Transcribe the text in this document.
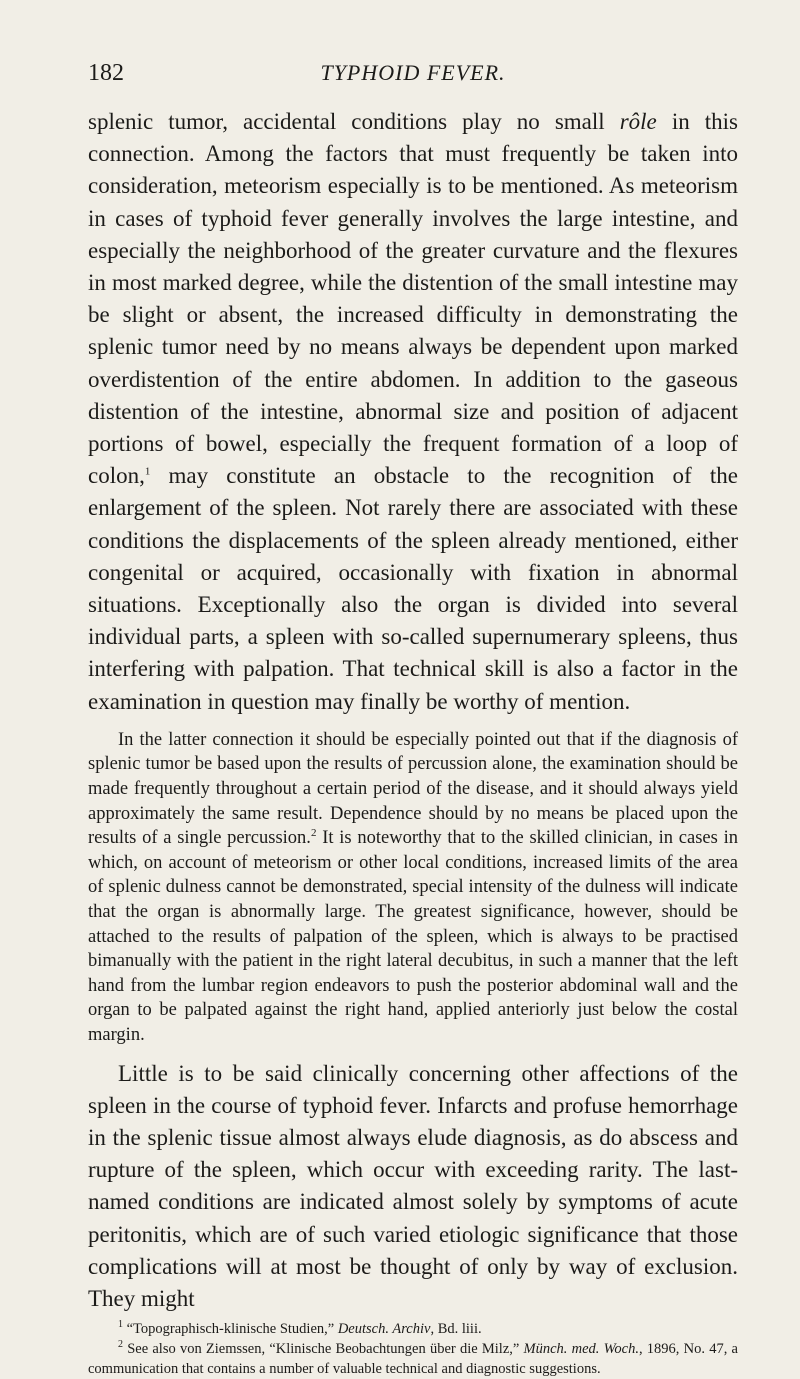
182	TYPHOID FEVER.

splenic tumor, accidental conditions play no small rôle in this connection. Among the factors that must frequently be taken into consideration, meteorism especially is to be mentioned. As meteorism in cases of typhoid fever generally involves the large intestine, and especially the neighborhood of the greater curvature and the flexures in most marked degree, while the distention of the small intestine may be slight or absent, the increased difficulty in demonstrating the splenic tumor need by no means always be dependent upon marked overdistention of the entire abdomen. In addition to the gaseous distention of the intestine, abnormal size and position of adjacent portions of bowel, especially the frequent formation of a loop of colon,$^1$ may constitute an obstacle to the recognition of the enlargement of the spleen. Not rarely there are associated with these conditions the displacements of the spleen already mentioned, either congenital or acquired, occasionally with fixation in abnormal situations. Exceptionally also the organ is divided into several individual parts, a spleen with so-called supernumerary spleens, thus interfering with palpation. That technical skill is also a factor in the examination in question may finally be worthy of mention.

In the latter connection it should be especially pointed out that if the diagnosis of splenic tumor be based upon the results of percussion alone, the examination should be made frequently throughout a certain period of the disease, and it should always yield approximately the same result. Dependence should by no means be placed upon the results of a single percussion.$^2$ It is noteworthy that to the skilled clinician, in cases in which, on account of meteorism or other local conditions, increased limits of the area of splenic dulness cannot be demonstrated, special intensity of the dulness will indicate that the organ is abnormally large. The greatest significance, however, should be attached to the results of palpation of the spleen, which is always to be practised bimanually with the patient in the right lateral decubitus, in such a manner that the left hand from the lumbar region endeavors to push the posterior abdominal wall and the organ to be palpated against the right hand, applied anteriorly just below the costal margin.

Little is to be said clinically concerning other affections of the spleen in the course of typhoid fever. Infarcts and profuse hemorrhage in the splenic tissue almost always elude diagnosis, as do abscess and rupture of the spleen, which occur with exceeding rarity. The last-named conditions are indicated almost solely by symptoms of acute peritonitis, which are of such varied etiologic significance that those complications will at most be thought of only by way of exclusion. They might

$^1$ “Topographisch-klinische Studien,” Deutsch. Archiv, Bd. liii.

$^2$ See also von Ziemssen, “Klinische Beobachtungen über die Milz,” Münch. med. Woch., 1896, No. 47, a communication that contains a number of valuable technical and diagnostic suggestions.
